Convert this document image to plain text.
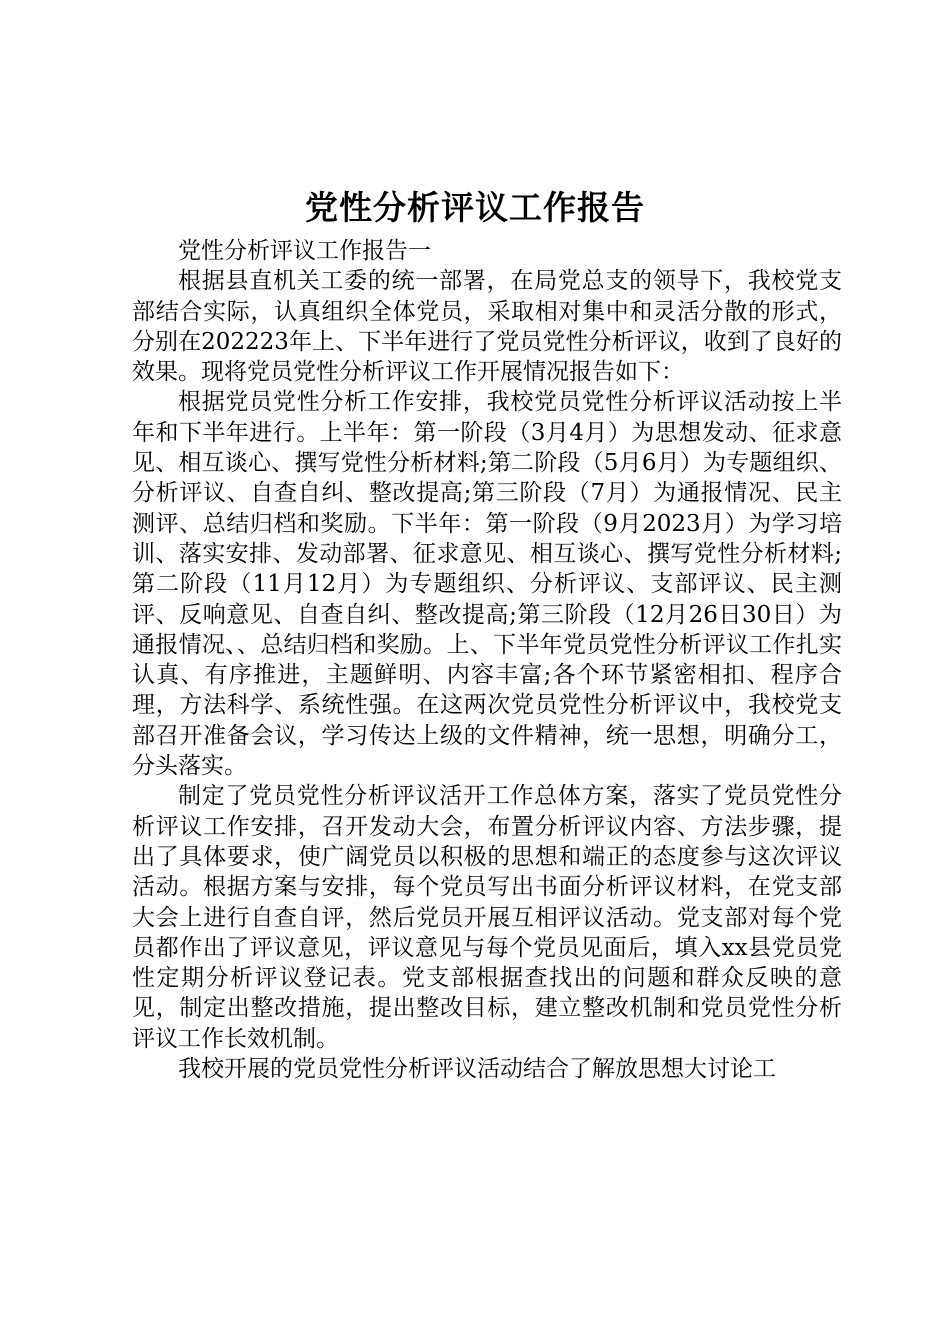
党性分析评议工作报告

党性分析评议工作报告一

根据县直机关工委的统一部署，在局党总支的领导下，我校党支部结合实际，认真组织全体党员，采取相对集中和灵活分散的形式，分别在202223年上、下半年进行了党员党性分析评议，收到了良好的效果。现将党员党性分析评议工作开展情况报告如下：

根据党员党性分析工作安排，我校党员党性分析评议活动按上半年和下半年进行。上半年：第一阶段（3月4月）为思想发动、征求意见、相互谈心、撰写党性分析材料;第二阶段（5月6月）为专题组织、分析评议、自查自纠、整改提高;第三阶段（7月）为通报情况、民主测评、总结归档和奖励。下半年：第一阶段（9月2023月）为学习培训、落实安排、发动部署、征求意见、相互谈心、撰写党性分析材料;第二阶段（11月12月）为专题组织、分析评议、支部评议、民主测评、反响意见、自查自纠、整改提高;第三阶段（12月26日30日）为通报情况、、总结归档和奖励。上、下半年党员党性分析评议工作扎实认真、有序推进，主题鲜明、内容丰富;各个环节紧密相扣、程序合理，方法科学、系统性强。在这两次党员党性分析评议中，我校党支部召开准备会议，学习传达上级的文件精神，统一思想，明确分工，分头落实。

制定了党员党性分析评议活开工作总体方案，落实了党员党性分析评议工作安排，召开发动大会，布置分析评议内容、方法步骤，提出了具体要求，使广阔党员以积极的思想和端正的态度参与这次评议活动。根据方案与安排，每个党员写出书面分析评议材料，在党支部大会上进行自查自评，然后党员开展互相评议活动。党支部对每个党员都作出了评议意见，评议意见与每个党员见面后，填入xx县党员党性定期分析评议登记表。党支部根据查找出的问题和群众反映的意见，制定出整改措施，提出整改目标，建立整改机制和党员党性分析评议工作长效机制。

我校开展的党员党性分析评议活动结合了解放思想大讨论工
